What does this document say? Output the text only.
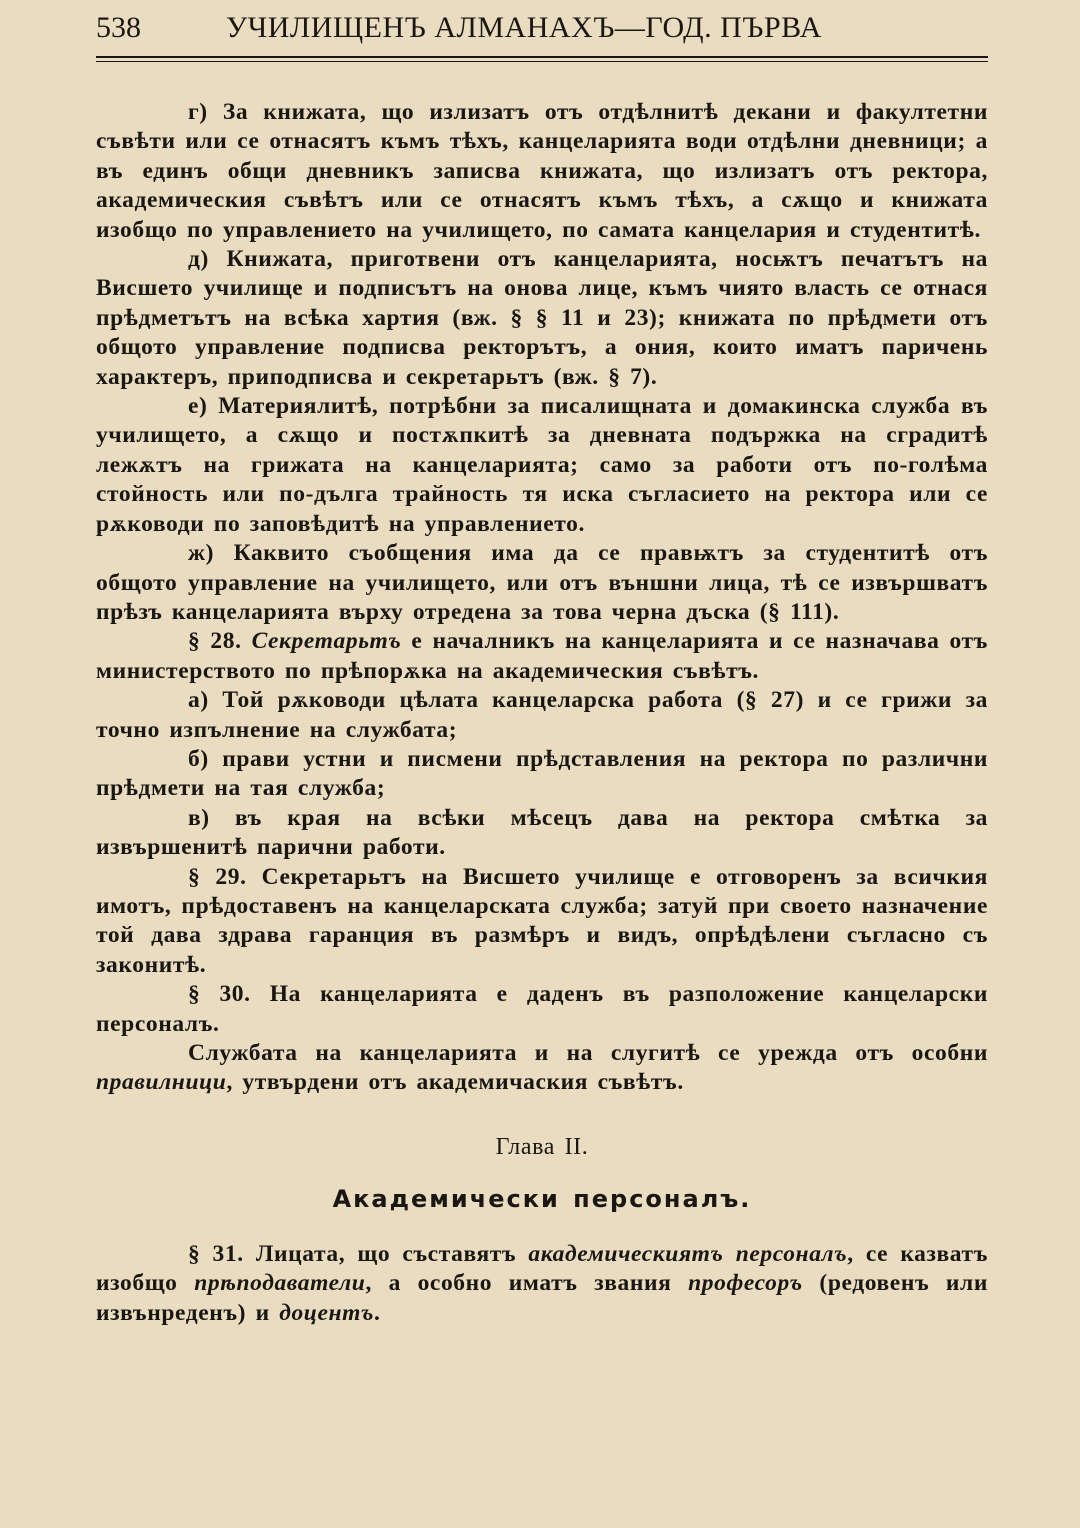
538	УЧИЛИЩЕНЪ АЛМАНАХЪ—ГОД. ПЪРВА

г) За книжата, що излизатъ отъ отдѣлнитѣ декани и факултетни съвѣти или се отнасятъ къмъ тѣхъ, канцеларията води отдѣлни дневници; а въ единъ общи дневникъ записва книжата, що излизатъ отъ ректора, академическия съвѣтъ или се отнасятъ къмъ тѣхъ, а сѫщо и книжата изобщо по управлението на училището, по самата канцелария и студентитѣ.

д) Книжата, приготвени отъ канцеларията, носѭтъ печатътъ на Висшето училище и подписътъ на онова лице, къмъ чиято власть се отнася прѣдметътъ на всѣка хартия (вж. § § 11 и 23); книжата по прѣдмети отъ общото управление подписва ректорътъ, а ония, които иматъ паричень характеръ, приподписва и секретарьтъ (вж. § 7).

е) Материялитѣ, потрѣбни за писалищната и домакинска служба въ училището, а сѫщо и постѫпкитѣ за дневната подържка на сградитѣ лежѫтъ на грижата на канцеларията; само за работи отъ по-голѣма стойность или по-дълга трайность тя иска съгласието на ректора или се рѫководи по заповѣдитѣ на управлението.

ж) Каквито съобщения има да се правѭтъ за студентитѣ отъ общото управление на училището, или отъ външни лица, тѣ се извършватъ прѣзъ канцеларията върху отредена за това черна дъска (§ 111).

§ 28. Секретарьтъ е началникъ на канцеларията и се назначава отъ министерството по прѣпорѫка на академическия съвѣтъ.

а) Той рѫководи цѣлата канцеларска работа (§ 27) и се грижи за точно изпълнение на службата;

б) прави устни и писмени прѣдставления на ректора по различни прѣдмети на тая служба;

в) въ края на всѣки мѣсецъ дава на ректора смѣтка за извършенитѣ парични работи.

§ 29. Секретарьтъ на Висшето училище е отговоренъ за всичкия имотъ, прѣдоставенъ на канцеларската служба; затуй при своето назначение той дава здрава гаранция въ размѣръ и видъ, опрѣдѣлени съгласно съ законитѣ.

§ 30. На канцеларията е даденъ въ разположение канцеларски персоналъ.

Службата на канцеларията и на слугитѣ се урежда отъ особни правилници, утвърдени отъ академичаския съвѣтъ.

Глава II.
Академически персоналъ.

§ 31. Лицата, що съставятъ академическиятъ персоналъ, се казватъ изобщо прѣподаватели, а особно иматъ звания професоръ (редовенъ или извънреденъ) и доцентъ.
